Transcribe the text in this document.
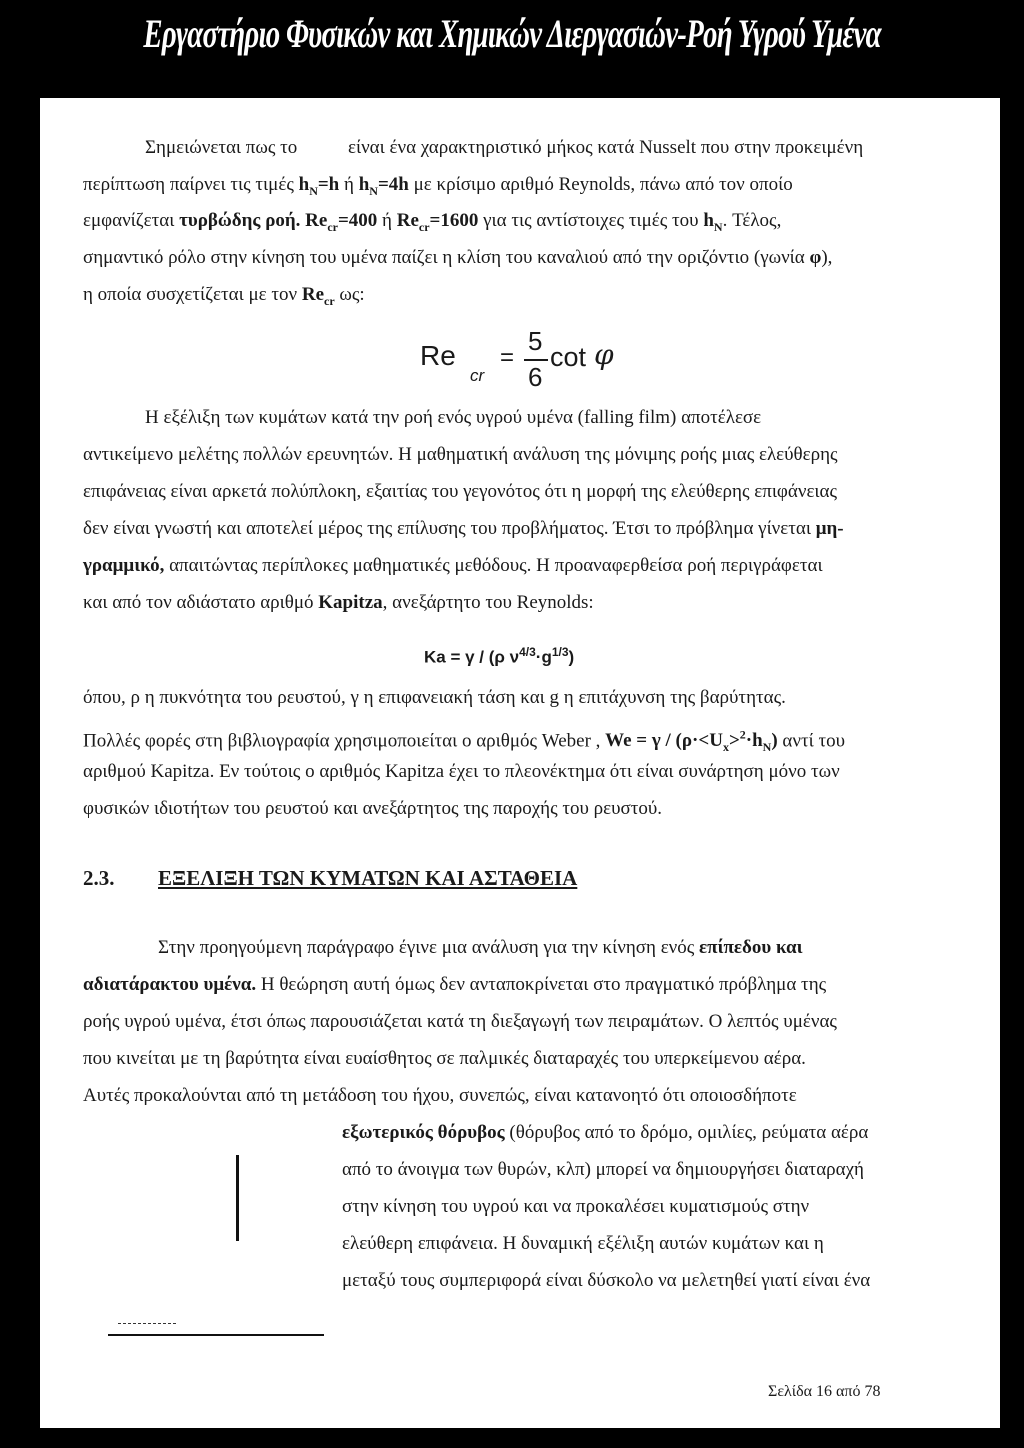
Εργαστήριο Φυσικών και Χημικών Διεργασιών-Ροή Υγρού Υμένα
Σημειώνεται πως το	είναι ένα χαρακτηριστικό μήκος κατά Nusselt που στην προκειμένη
περίπτωση παίρνει τις τιμές $h_N=h$ ή $h_N=4h$ με κρίσιμο αριθμό Reynolds, πάνω από τον οποίο
εμφανίζεται τυρβώδης ροή. $Re_{cr}=400$ ή $Re_{cr}=1600$ για τις αντίστοιχες τιμές του $h_N$. Τέλος,
σημαντικό ρόλο στην κίνηση του υμένα παίζει η κλίση του καναλιού από την οριζόντιο (γωνία φ),
η οποία συσχετίζεται με τον $Re_{cr}$ ως:
Re
cr
=
5
6
cot φ
Η εξέλιξη των κυμάτων κατά την ροή ενός υγρού υμένα (falling film) αποτέλεσε
αντικείμενο μελέτης πολλών ερευνητών. Η μαθηματική ανάλυση της μόνιμης ροής μιας ελεύθερης
επιφάνειας είναι αρκετά πολύπλοκη, εξαιτίας του γεγονότος ότι η μορφή της ελεύθερης επιφάνειας
δεν είναι γνωστή και αποτελεί μέρος της επίλυσης του προβλήματος. Έτσι το πρόβλημα γίνεται μη-
γραμμικό, απαιτώντας περίπλοκες μαθηματικές μεθόδους. Η προαναφερθείσα ροή περιγράφεται
και από τον αδιάστατο αριθμό Kapitza, ανεξάρτητο του Reynolds:
Ka = γ / (ρ $\nu^{4/3}\cdot g^{1/3}$)
όπου, ρ η πυκνότητα του ρευστού, γ η επιφανειακή τάση και g η επιτάχυνση της βαρύτητας.
Πολλές φορές στη βιβλιογραφία χρησιμοποιείται ο αριθμός Weber , $We = \gamma / (\rho\cdot<U_x>^2\cdot h_N)$ αντί του
αριθμού Kapitza. Εν τούτοις ο αριθμός Kapitza έχει το πλεονέκτημα ότι είναι συνάρτηση μόνο των
φυσικών ιδιοτήτων του ρευστού και ανεξάρτητος της παροχής του ρευστού.
2.3. ΕΞΕΛΙΞΗ ΤΩΝ ΚΥΜΑΤΩΝ ΚΑΙ ΑΣΤΑΘΕΙΑ
Στην προηγούμενη παράγραφο έγινε μια ανάλυση για την κίνηση ενός επίπεδου και
αδιατάρακτου υμένα. Η θεώρηση αυτή όμως δεν ανταποκρίνεται στο πραγματικό πρόβλημα της
ροής υγρού υμένα, έτσι όπως παρουσιάζεται κατά τη διεξαγωγή των πειραμάτων. Ο λεπτός υμένας
που κινείται με τη βαρύτητα είναι ευαίσθητος σε παλμικές διαταραχές του υπερκείμενου αέρα.
Αυτές προκαλούνται από τη μετάδοση του ήχου, συνεπώς, είναι κατανοητό ότι οποιοσδήποτε
εξωτερικός θόρυβος (θόρυβος από το δρόμο, ομιλίες, ρεύματα αέρα
από το άνοιγμα των θυρών, κλπ) μπορεί να δημιουργήσει διαταραχή
στην κίνηση του υγρού και να προκαλέσει κυματισμούς στην
ελεύθερη επιφάνεια. Η δυναμική εξέλιξη αυτών κυμάτων και η
μεταξύ τους συμπεριφορά είναι δύσκολο να μελετηθεί γιατί είναι ένα
Σελίδα 16 από 78
